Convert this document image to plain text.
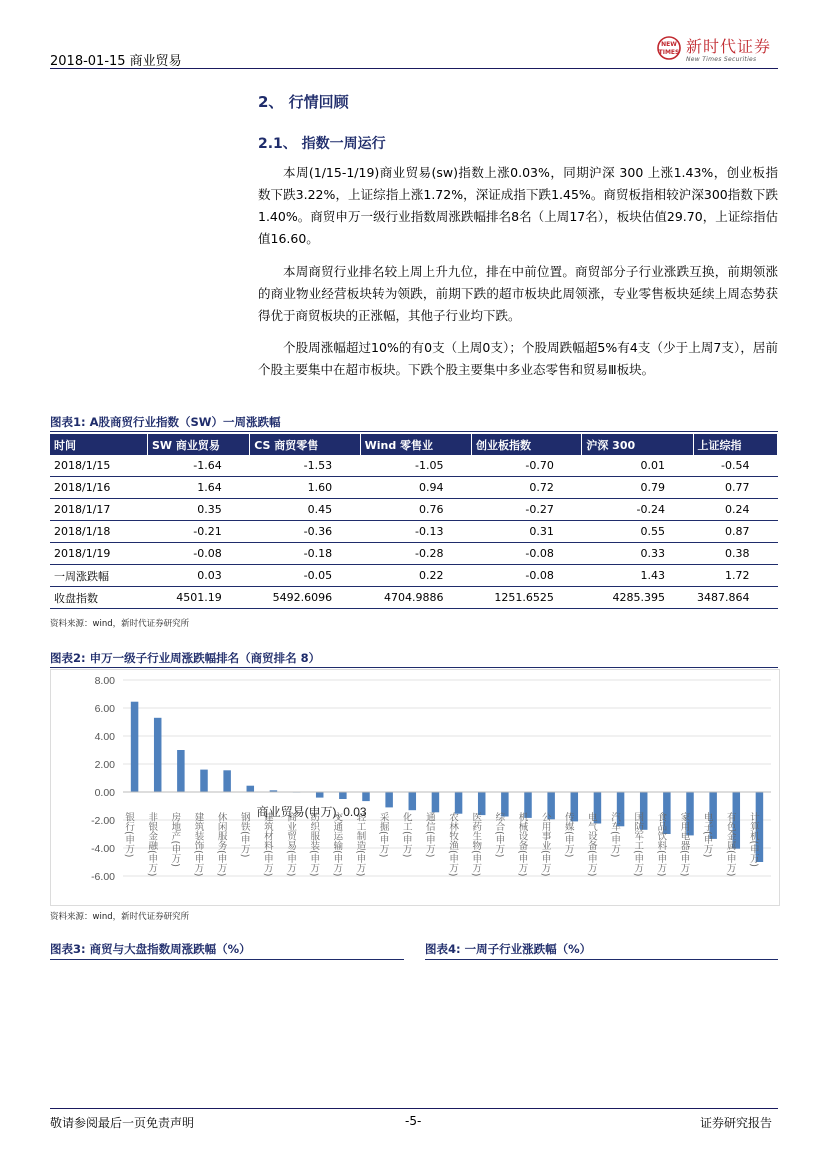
2018-01-15 商业贸易
NEW
TIMES 新时代证券
New Times Securities
2、 行情回顾
2.1、 指数一周运行
本周(1/15-1/19)商业贸易(sw)指数上涨0.03%，同期沪深 300 上涨1.43%，创业板指数下跌3.22%，上证综指上涨1.72%，深证成指下跌1.45%。商贸板指相较沪深300指数下跌1.40%。商贸申万一级行业指数周涨跌幅排名8名（上周17名），板块估值29.70，上证综指估值16.60。
本周商贸行业排名较上周上升九位，排在中前位置。商贸部分子行业涨跌互换，前期领涨的商业物业经营板块转为领跌，前期下跌的超市板块此周领涨，专业零售板块延续上周态势获得优于商贸板块的正涨幅，其他子行业均下跌。
个股周涨幅超过10%的有0支（上周0支）；个股周跌幅超5%有4支（少于上周7支），居前个股主要集中在超市板块。下跌个股主要集中多业态零售和贸易Ⅲ板块。
图表1: A股商贸行业指数（SW）一周涨跌幅
时间	SW 商业贸易	CS 商贸零售	Wind 零售业	创业板指数	沪深 300	上证综指
2018/1/15	-1.64	-1.53	-1.05	-0.70	0.01	-0.54
2018/1/16	1.64	1.60	0.94	0.72	0.79	0.77
2018/1/17	0.35	0.45	0.76	-0.27	-0.24	0.24
2018/1/18	-0.21	-0.36	-0.13	0.31	0.55	0.87
2018/1/19	-0.08	-0.18	-0.28	-0.08	0.33	0.38
一周涨跌幅	0.03	-0.05	0.22	-0.08	1.43	1.72
收盘指数	4501.19	5492.6096	4704.9886	1251.6525	4285.395	3487.864
资料来源：wind，新时代证券研究所
图表2: 申万一级子行业周涨跌幅排名（商贸排名 8）
8.00
6.00
4.00
2.00
0.00
-2.00
-4.00
-6.00
银行(申万) 非银金融(申万) 房地产(申万) 建筑装饰(申万) 休闲服务(申万) 钢铁(申万) 建筑材料(申万) 商业贸易(申万) 纺织服装(申万) 交通运输(申万) 轻工制造(申万) 采掘(申万) 化工(申万) 通信(申万) 农林牧渔(申万) 医药生物(申万) 综合(申万) 机械设备(申万) 公用事业(申万) 传媒(申万) 电气设备(申万) 汽车(申万) 国防军工(申万) 食品饮料(申万) 家用电器(申万) 电子(申万) 有色金属(申万) 计算机(申万)
商业贸易(申万), 0.03
资料来源：wind，新时代证券研究所
图表3: 商贸与大盘指数周涨跌幅（%）	图表4: 一周子行业涨跌幅（%）
敬请参阅最后一页免责声明	-5-	证券研究报告
